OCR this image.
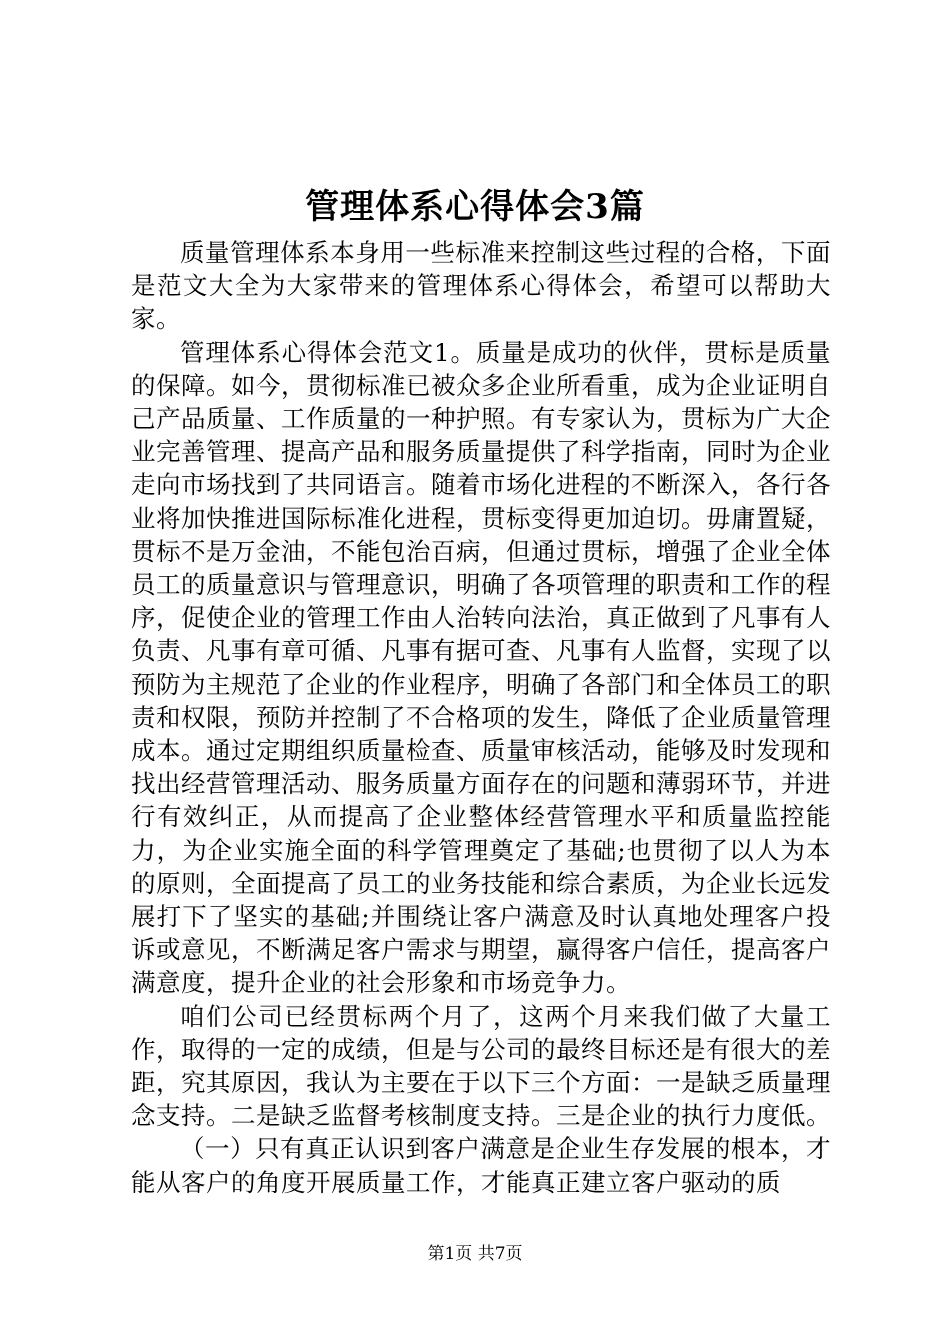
管理体系心得体会3篇

质量管理体系本身用一些标准来控制这些过程的合格，下面是范文大全为大家带来的管理体系心得体会，希望可以帮助大家。

管理体系心得体会范文1。质量是成功的伙伴，贯标是质量的保障。如今，贯彻标准已被众多企业所看重，成为企业证明自己产品质量、工作质量的一种护照。有专家认为，贯标为广大企业完善管理、提高产品和服务质量提供了科学指南，同时为企业走向市场找到了共同语言。随着市场化进程的不断深入，各行各业将加快推进国际标准化进程，贯标变得更加迫切。毋庸置疑，贯标不是万金油，不能包治百病，但通过贯标，增强了企业全体员工的质量意识与管理意识，明确了各项管理的职责和工作的程序，促使企业的管理工作由人治转向法治，真正做到了凡事有人负责、凡事有章可循、凡事有据可查、凡事有人监督，实现了以预防为主规范了企业的作业程序，明确了各部门和全体员工的职责和权限，预防并控制了不合格项的发生，降低了企业质量管理成本。通过定期组织质量检查、质量审核活动，能够及时发现和找出经营管理活动、服务质量方面存在的问题和薄弱环节，并进行有效纠正，从而提高了企业整体经营管理水平和质量监控能力，为企业实施全面的科学管理奠定了基础;也贯彻了以人为本的原则，全面提高了员工的业务技能和综合素质，为企业长远发展打下了坚实的基础;并围绕让客户满意及时认真地处理客户投诉或意见，不断满足客户需求与期望，赢得客户信任，提高客户满意度，提升企业的社会形象和市场竞争力。

咱们公司已经贯标两个月了，这两个月来我们做了大量工作，取得的一定的成绩，但是与公司的最终目标还是有很大的差距，究其原因，我认为主要在于以下三个方面：一是缺乏质量理念支持。二是缺乏监督考核制度支持。三是企业的执行力度低。

（一）只有真正认识到客户满意是企业生存发展的根本，才能从客户的角度开展质量工作，才能真正建立客户驱动的质

第1页 共7页
